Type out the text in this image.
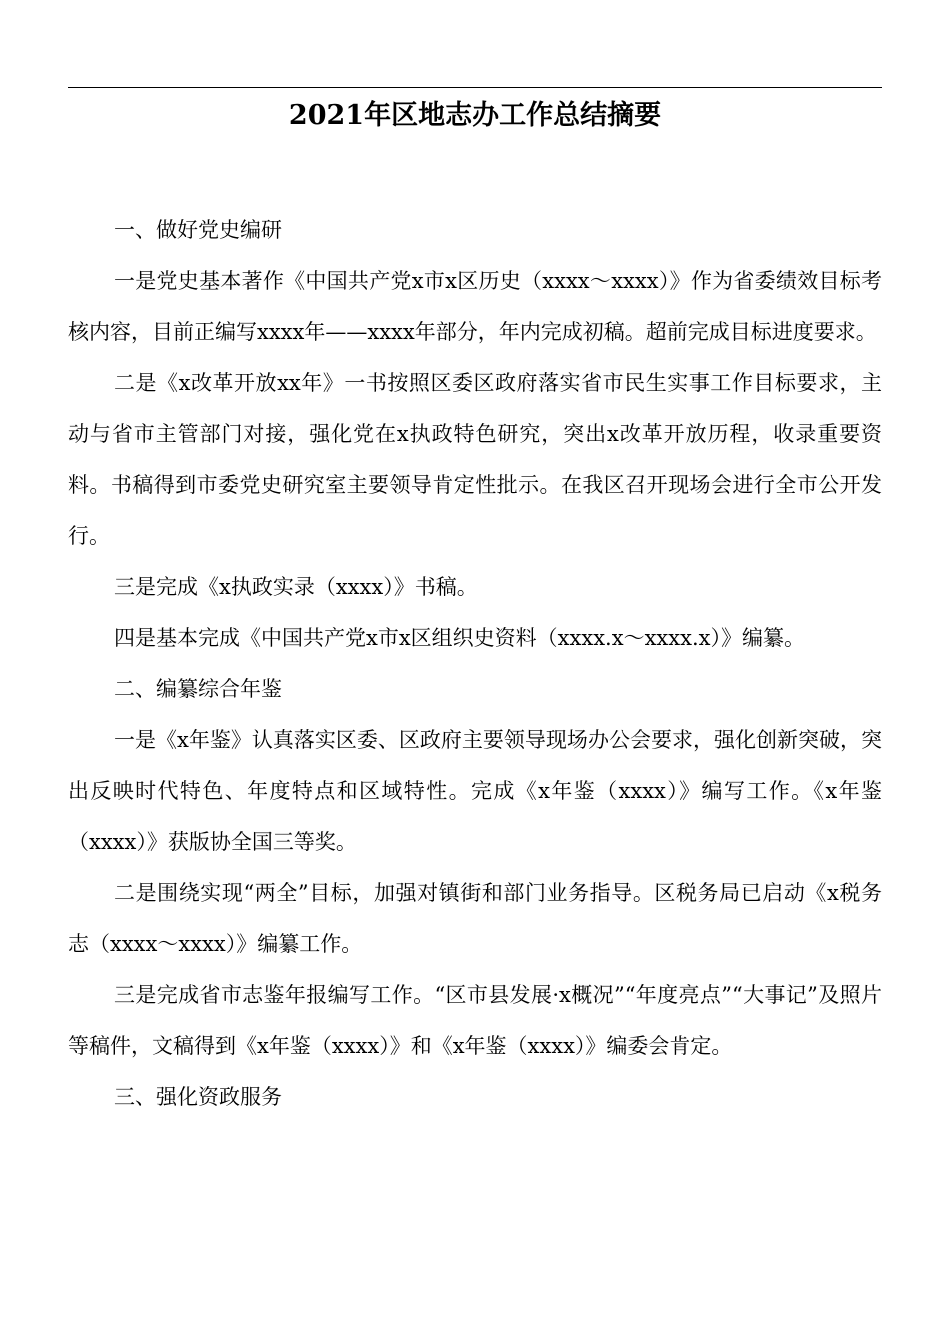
2021年区地志办工作总结摘要

一、做好党史编研

一是党史基本著作《中国共产党x市x区历史（xxxx～xxxx）》作为省委绩效目标考核内容，目前正编写xxxx年——xxxx年部分，年内完成初稿。超前完成目标进度要求。

二是《x改革开放xx年》一书按照区委区政府落实省市民生实事工作目标要求，主动与省市主管部门对接，强化党在x执政特色研究，突出x改革开放历程，收录重要资料。书稿得到市委党史研究室主要领导肯定性批示。在我区召开现场会进行全市公开发行。

三是完成《x执政实录（xxxx）》书稿。

四是基本完成《中国共产党x市x区组织史资料（xxxx.x～xxxx.x）》编纂。

二、编纂综合年鉴

一是《x年鉴》认真落实区委、区政府主要领导现场办公会要求，强化创新突破，突出反映时代特色、年度特点和区域特性。完成《x年鉴（xxxx）》编写工作。《x年鉴（xxxx）》获版协全国三等奖。

二是围绕实现“两全”目标，加强对镇街和部门业务指导。区税务局已启动《x税务志（xxxx～xxxx）》编纂工作。

三是完成省市志鉴年报编写工作。“区市县发展·x概况”“年度亮点”“大事记”及照片等稿件，文稿得到《x年鉴（xxxx）》和《x年鉴（xxxx）》编委会肯定。

三、强化资政服务
